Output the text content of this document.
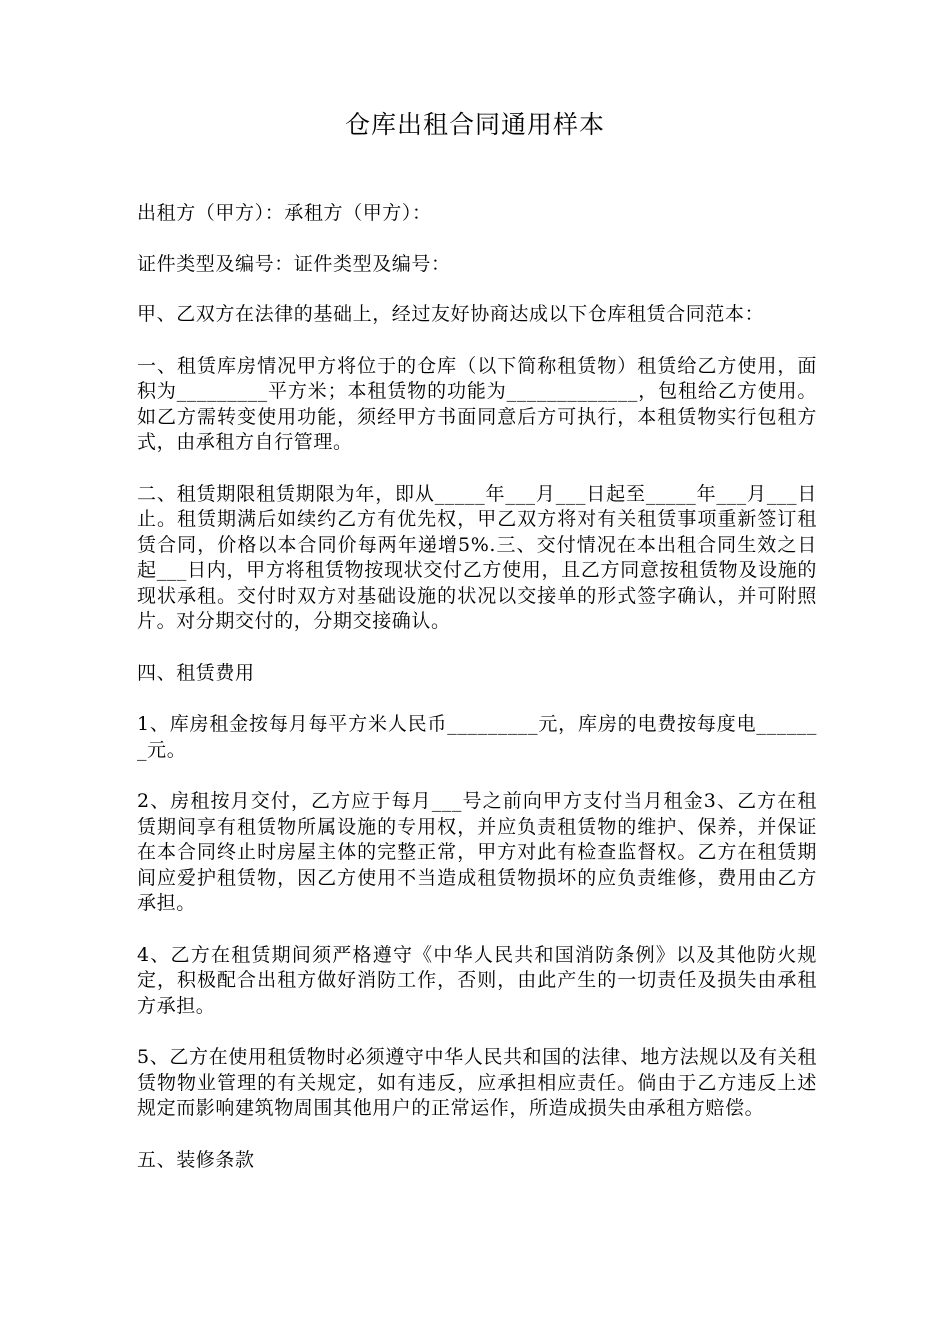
仓库出租合同通用样本

出租方（甲方）：承租方（甲方）：

证件类型及编号：证件类型及编号：

甲、乙双方在法律的基础上，经过友好协商达成以下仓库租赁合同范本：

一、租赁库房情况甲方将位于的仓库（以下简称租赁物）租赁给乙方使用，面积为_________平方米；本租赁物的功能为_____________，包租给乙方使用。如乙方需转变使用功能，须经甲方书面同意后方可执行，本租赁物实行包租方式，由承租方自行管理。

二、租赁期限租赁期限为年，即从_____年___月___日起至_____年___月___日止。租赁期满后如续约乙方有优先权，甲乙双方将对有关租赁事项重新签订租赁合同，价格以本合同价每两年递增5%.三、交付情况在本出租合同生效之日起___日内，甲方将租赁物按现状交付乙方使用，且乙方同意按租赁物及设施的现状承租。交付时双方对基础设施的状况以交接单的形式签字确认，并可附照片。对分期交付的，分期交接确认。

四、租赁费用

1、库房租金按每月每平方米人民币_________元，库房的电费按每度电_______元。

2、房租按月交付，乙方应于每月___号之前向甲方支付当月租金3、乙方在租赁期间享有租赁物所属设施的专用权，并应负责租赁物的维护、保养，并保证在本合同终止时房屋主体的完整正常，甲方对此有检查监督权。乙方在租赁期间应爱护租赁物，因乙方使用不当造成租赁物损坏的应负责维修，费用由乙方承担。

4、乙方在租赁期间须严格遵守《中华人民共和国消防条例》以及其他防火规定，积极配合出租方做好消防工作，否则，由此产生的一切责任及损失由承租方承担。

5、乙方在使用租赁物时必须遵守中华人民共和国的法律、地方法规以及有关租赁物物业管理的有关规定，如有违反，应承担相应责任。倘由于乙方违反上述规定而影响建筑物周围其他用户的正常运作，所造成损失由承租方赔偿。

五、装修条款
